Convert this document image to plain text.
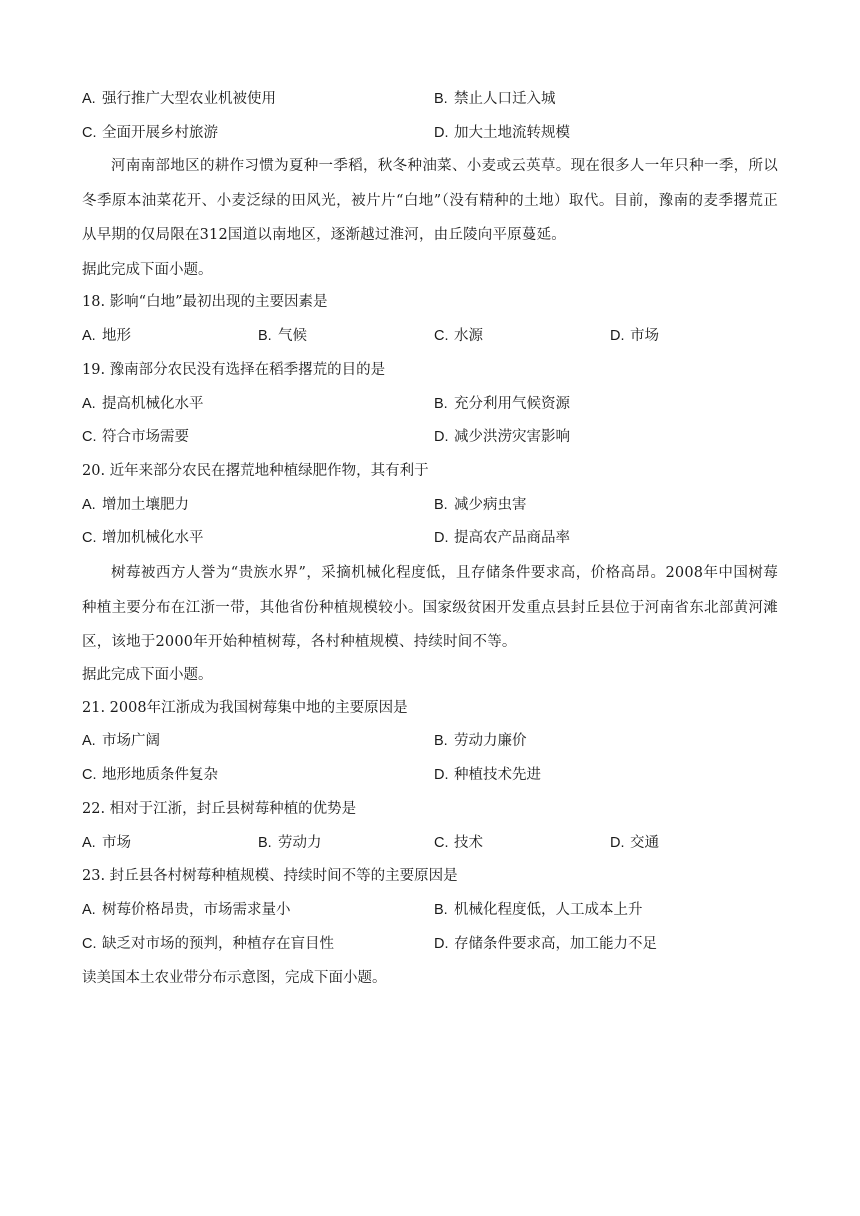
A. 强行推广大型农业机被使用	B. 禁止人口迁入城
C. 全面开展乡村旅游	D. 加大土地流转规模
河南南部地区的耕作习惯为夏种一季稻，秋冬种油菜、小麦或云英草。现在很多人一年只种一季，所以冬季原本油菜花开、小麦泛绿的田风光，被片片“白地”（没有精种的土地）取代。目前，豫南的麦季撂荒正从早期的仅局限在312国道以南地区，逐渐越过淮河，由丘陵向平原蔓延。
据此完成下面小题。
18. 影响“白地”最初出现的主要因素是
A. 地形	B. 气候	C. 水源	D. 市场
19. 豫南部分农民没有选择在稻季撂荒的目的是
A. 提高机械化水平	B. 充分利用气候资源
C. 符合市场需要	D. 减少洪涝灾害影响
20. 近年来部分农民在撂荒地种植绿肥作物，其有利于
A. 增加土壤肥力	B. 减少病虫害
C. 增加机械化水平	D. 提高农产品商品率
树莓被西方人誉为“贵族水界”，采摘机械化程度低，且存储条件要求高，价格高昂。2008年中国树莓种植主要分布在江浙一带，其他省份种植规模较小。国家级贫困开发重点县封丘县位于河南省东北部黄河滩区，该地于2000年开始种植树莓，各村种植规模、持续时间不等。
据此完成下面小题。
21. 2008年江浙成为我国树莓集中地的主要原因是
A. 市场广阔	B. 劳动力廉价
C. 地形地质条件复杂	D. 种植技术先进
22. 相对于江浙，封丘县树莓种植的优势是
A. 市场	B. 劳动力	C. 技术	D. 交通
23. 封丘县各村树莓种植规模、持续时间不等的主要原因是
A. 树莓价格昂贵，市场需求量小	B. 机械化程度低，人工成本上升
C. 缺乏对市场的预判，种植存在盲目性	D. 存储条件要求高，加工能力不足
读美国本土农业带分布示意图，完成下面小题。
